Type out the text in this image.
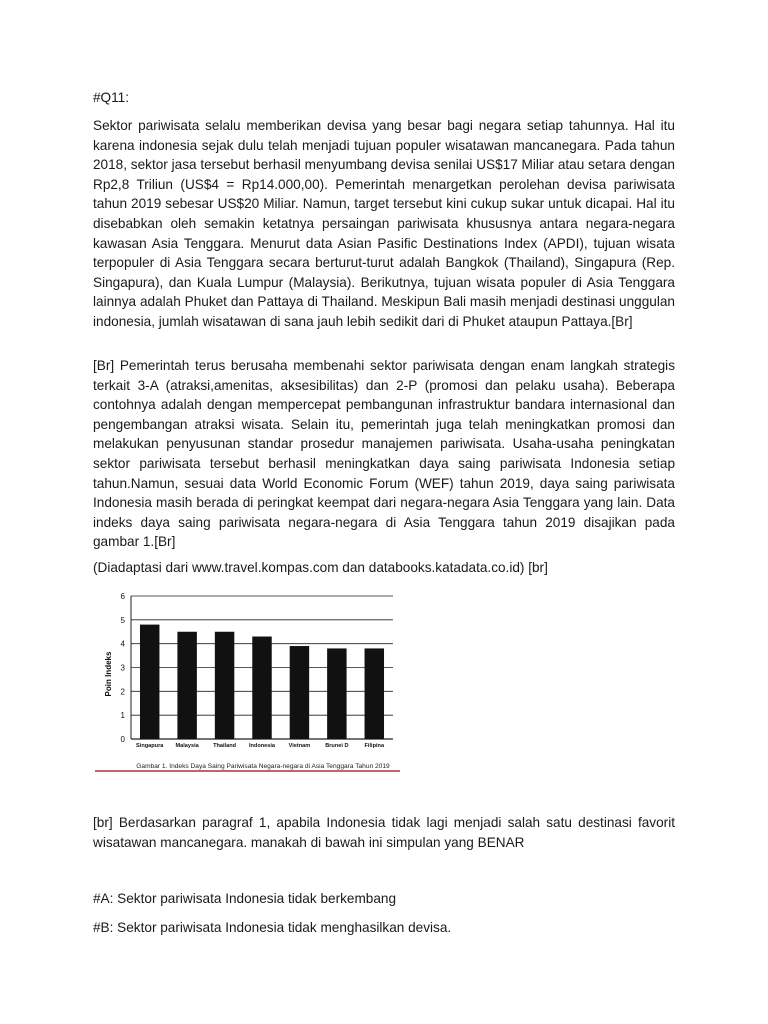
#Q11:
Sektor pariwisata selalu memberikan devisa yang besar bagi negara setiap tahunnya. Hal itu karena indonesia sejak dulu telah menjadi tujuan populer wisatawan mancanegara. Pada tahun 2018, sektor jasa tersebut berhasil menyumbang devisa senilai US$17 Miliar atau setara dengan Rp2,8 Triliun (US$4 = Rp14.000,00). Pemerintah menargetkan perolehan devisa pariwisata tahun 2019 sebesar US$20 Miliar. Namun, target tersebut kini cukup sukar untuk dicapai. Hal itu disebabkan oleh semakin ketatnya persaingan pariwisata khususnya antara negara-negara kawasan Asia Tenggara. Menurut data Asian Pasific Destinations Index (APDI), tujuan wisata terpopuler di Asia Tenggara secara berturut-turut adalah Bangkok (Thailand), Singapura (Rep. Singapura), dan Kuala Lumpur (Malaysia). Berikutnya, tujuan wisata populer di Asia Tenggara lainnya adalah Phuket dan Pattaya di Thailand. Meskipun Bali masih menjadi destinasi unggulan indonesia, jumlah wisatawan di sana jauh lebih sedikit dari di Phuket ataupun Pattaya.[Br]
[Br] Pemerintah terus berusaha membenahi sektor pariwisata dengan enam langkah strategis terkait 3-A (atraksi,amenitas, aksesibilitas) dan 2-P (promosi dan pelaku usaha). Beberapa contohnya adalah dengan mempercepat pembangunan infrastruktur bandara internasional dan pengembangan atraksi wisata. Selain itu, pemerintah juga telah meningkatkan promosi dan melakukan penyusunan standar prosedur manajemen pariwisata. Usaha-usaha peningkatan sektor pariwisata tersebut berhasil meningkatkan daya saing pariwisata Indonesia setiap tahun.Namun, sesuai data World Economic Forum (WEF) tahun 2019, daya saing pariwisata Indonesia masih berada di peringkat keempat dari negara-negara Asia Tenggara yang lain. Data indeks daya saing pariwisata negara-negara di Asia Tenggara tahun 2019 disajikan pada gambar 1.[Br]
(Diadaptasi dari www.travel.kompas.com dan databooks.katadata.co.id) [br]
Poin Indeks
0
1
2
3
4
5
6
Singapura Malaysia	Thailand Indonesia Vietnam	Brunei D	Filipina
Gambar 1. Indeks Daya Saing Pariwisata Negara-negara di Asia Tenggara Tahun 2019
[br] Berdasarkan paragraf 1, apabila Indonesia tidak lagi menjadi salah satu destinasi favorit wisatawan mancanegara. manakah di bawah ini simpulan yang BENAR
#A: Sektor pariwisata Indonesia tidak berkembang
#B: Sektor pariwisata Indonesia tidak menghasilkan devisa.
